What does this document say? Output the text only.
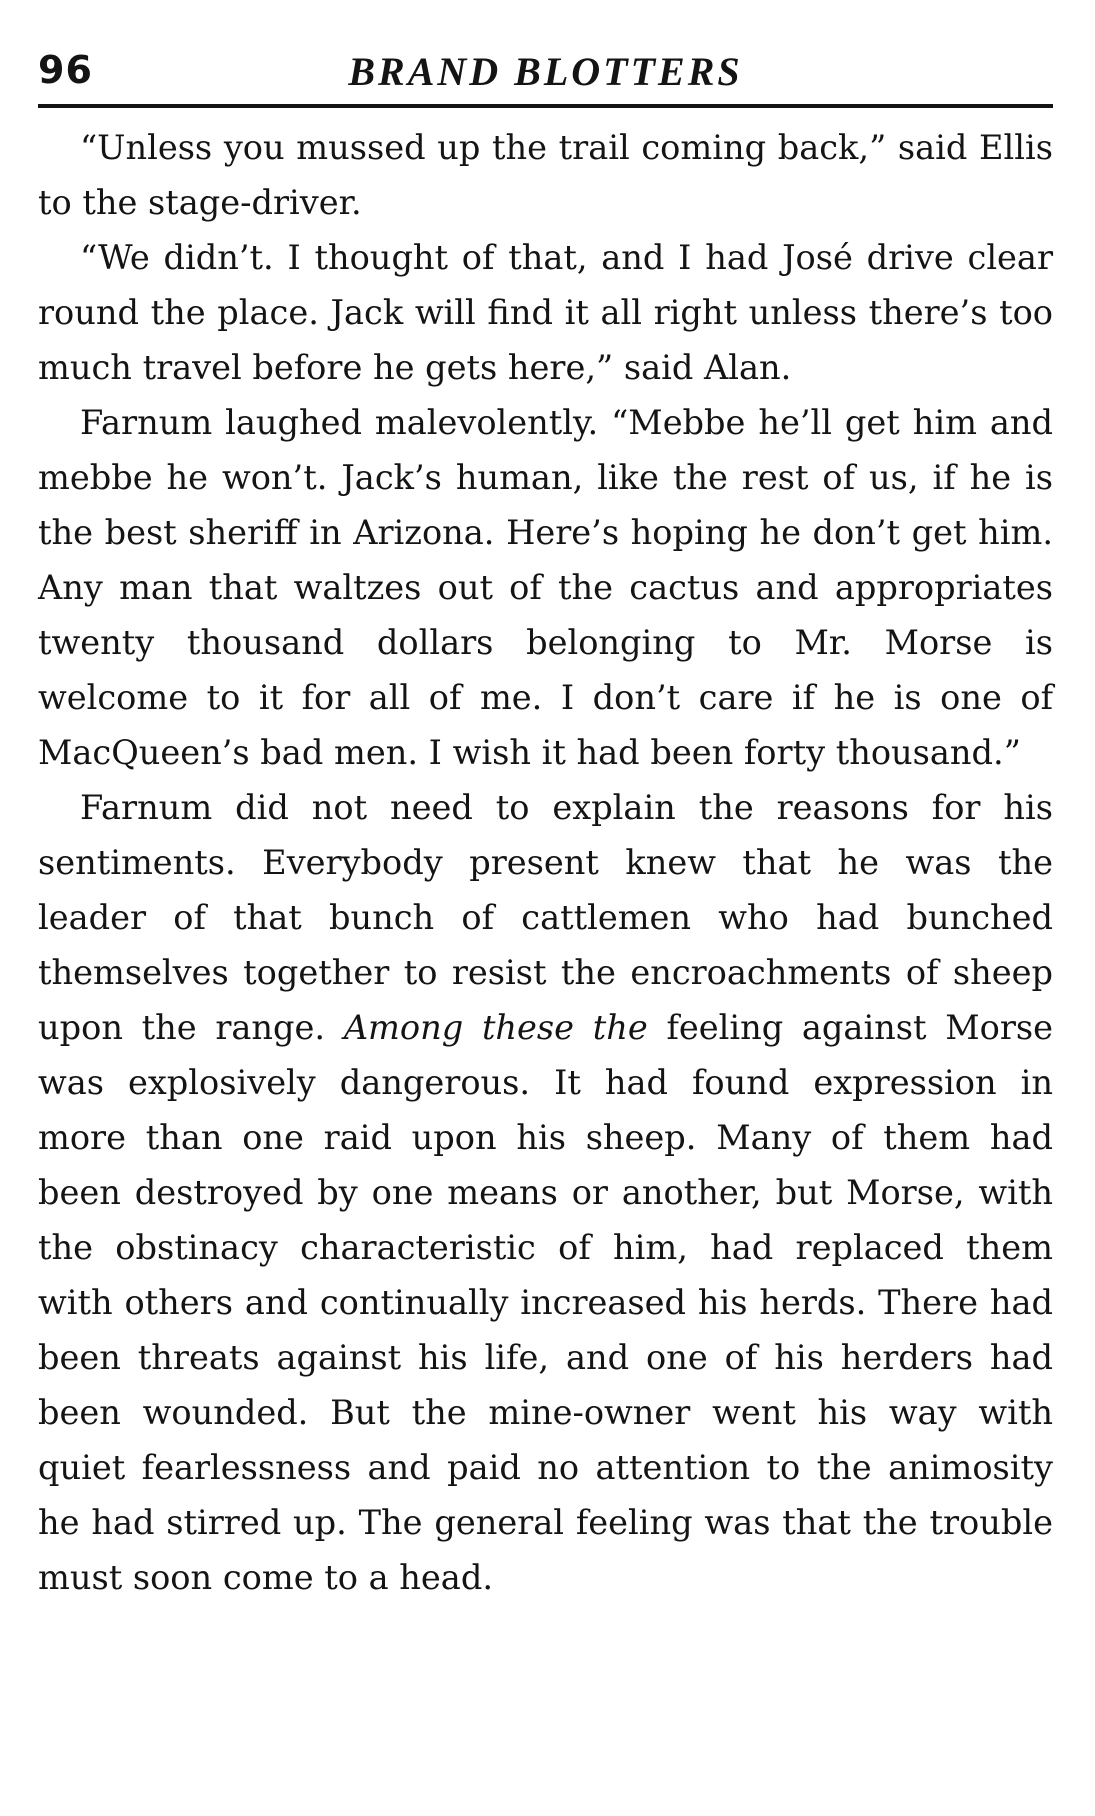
96	BRAND BLOTTERS

“Unless you mussed up the trail coming back,” said Ellis to the stage-driver.

“We didn’t. I thought of that, and I had José drive clear round the place. Jack will find it all right unless there’s too much travel before he gets here,” said Alan.

Farnum laughed malevolently. “Mebbe he’ll get him and mebbe he won’t. Jack’s human, like the rest of us, if he is the best sheriff in Arizona. Here’s hoping he don’t get him. Any man that waltzes out of the cactus and appropriates twenty thousand dollars belonging to Mr. Morse is welcome to it for all of me. I don’t care if he is one of MacQueen’s bad men. I wish it had been forty thousand.”

Farnum did not need to explain the reasons for his sentiments. Everybody present knew that he was the leader of that bunch of cattlemen who had bunched themselves together to resist the encroachments of sheep upon the range. Among these the feeling against Morse was explosively dangerous. It had found expression in more than one raid upon his sheep. Many of them had been destroyed by one means or another, but Morse, with the obstinacy characteristic of him, had replaced them with others and continually increased his herds. There had been threats against his life, and one of his herders had been wounded. But the mine-owner went his way with quiet fearlessness and paid no attention to the animosity he had stirred up. The general feeling was that the trouble must soon come to a head.
